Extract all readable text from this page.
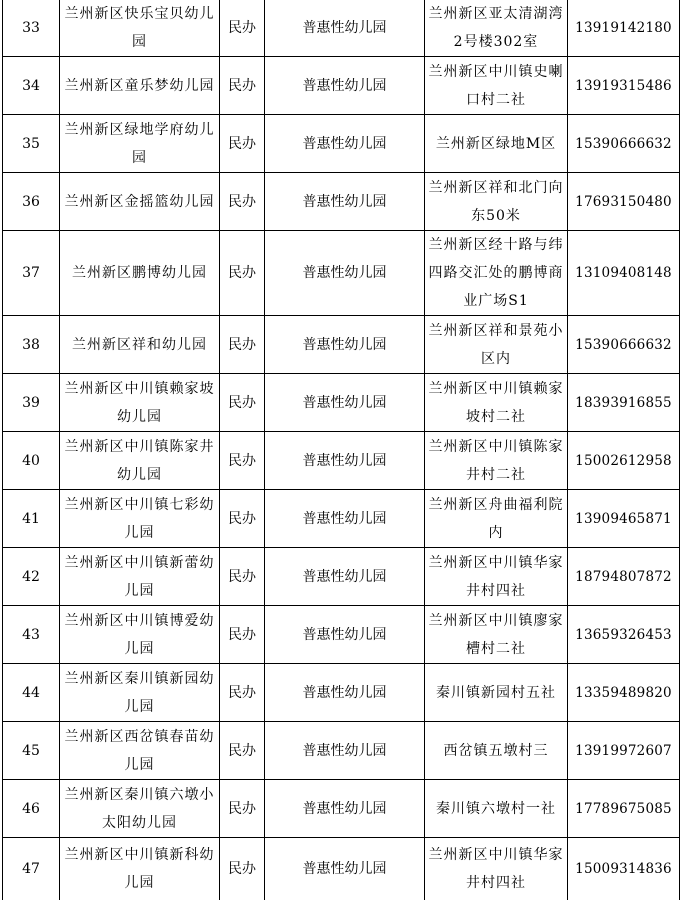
33	兰州新区快乐宝贝幼儿园	民办	普惠性幼儿园	兰州新区亚太清湖湾2号楼302室	13919142180
34	兰州新区童乐梦幼儿园	民办	普惠性幼儿园	兰州新区中川镇史喇口村二社	13919315486
35	兰州新区绿地学府幼儿园	民办	普惠性幼儿园	兰州新区绿地M区	15390666632
36	兰州新区金摇篮幼儿园	民办	普惠性幼儿园	兰州新区祥和北门向东50米	17693150480
37	兰州新区鹏博幼儿园	民办	普惠性幼儿园	兰州新区经十路与纬四路交汇处的鹏博商业广场S1	13109408148
38	兰州新区祥和幼儿园	民办	普惠性幼儿园	兰州新区祥和景苑小区内	15390666632
39	兰州新区中川镇赖家坡幼儿园	民办	普惠性幼儿园	兰州新区中川镇赖家坡村二社	18393916855
40	兰州新区中川镇陈家井幼儿园	民办	普惠性幼儿园	兰州新区中川镇陈家井村二社	15002612958
41	兰州新区中川镇七彩幼儿园	民办	普惠性幼儿园	兰州新区舟曲福利院内	13909465871
42	兰州新区中川镇新蕾幼儿园	民办	普惠性幼儿园	兰州新区中川镇华家井村四社	18794807872
43	兰州新区中川镇博爱幼儿园	民办	普惠性幼儿园	兰州新区中川镇廖家槽村二社	13659326453
44	兰州新区秦川镇新园幼儿园	民办	普惠性幼儿园	秦川镇新园村五社	13359489820
45	兰州新区西岔镇春苗幼儿园	民办	普惠性幼儿园	西岔镇五墩村三	13919972607
46	兰州新区秦川镇六墩小太阳幼儿园	民办	普惠性幼儿园	秦川镇六墩村一社	17789675085
47	兰州新区中川镇新科幼儿园	民办	普惠性幼儿园	兰州新区中川镇华家井村四社	15009314836
